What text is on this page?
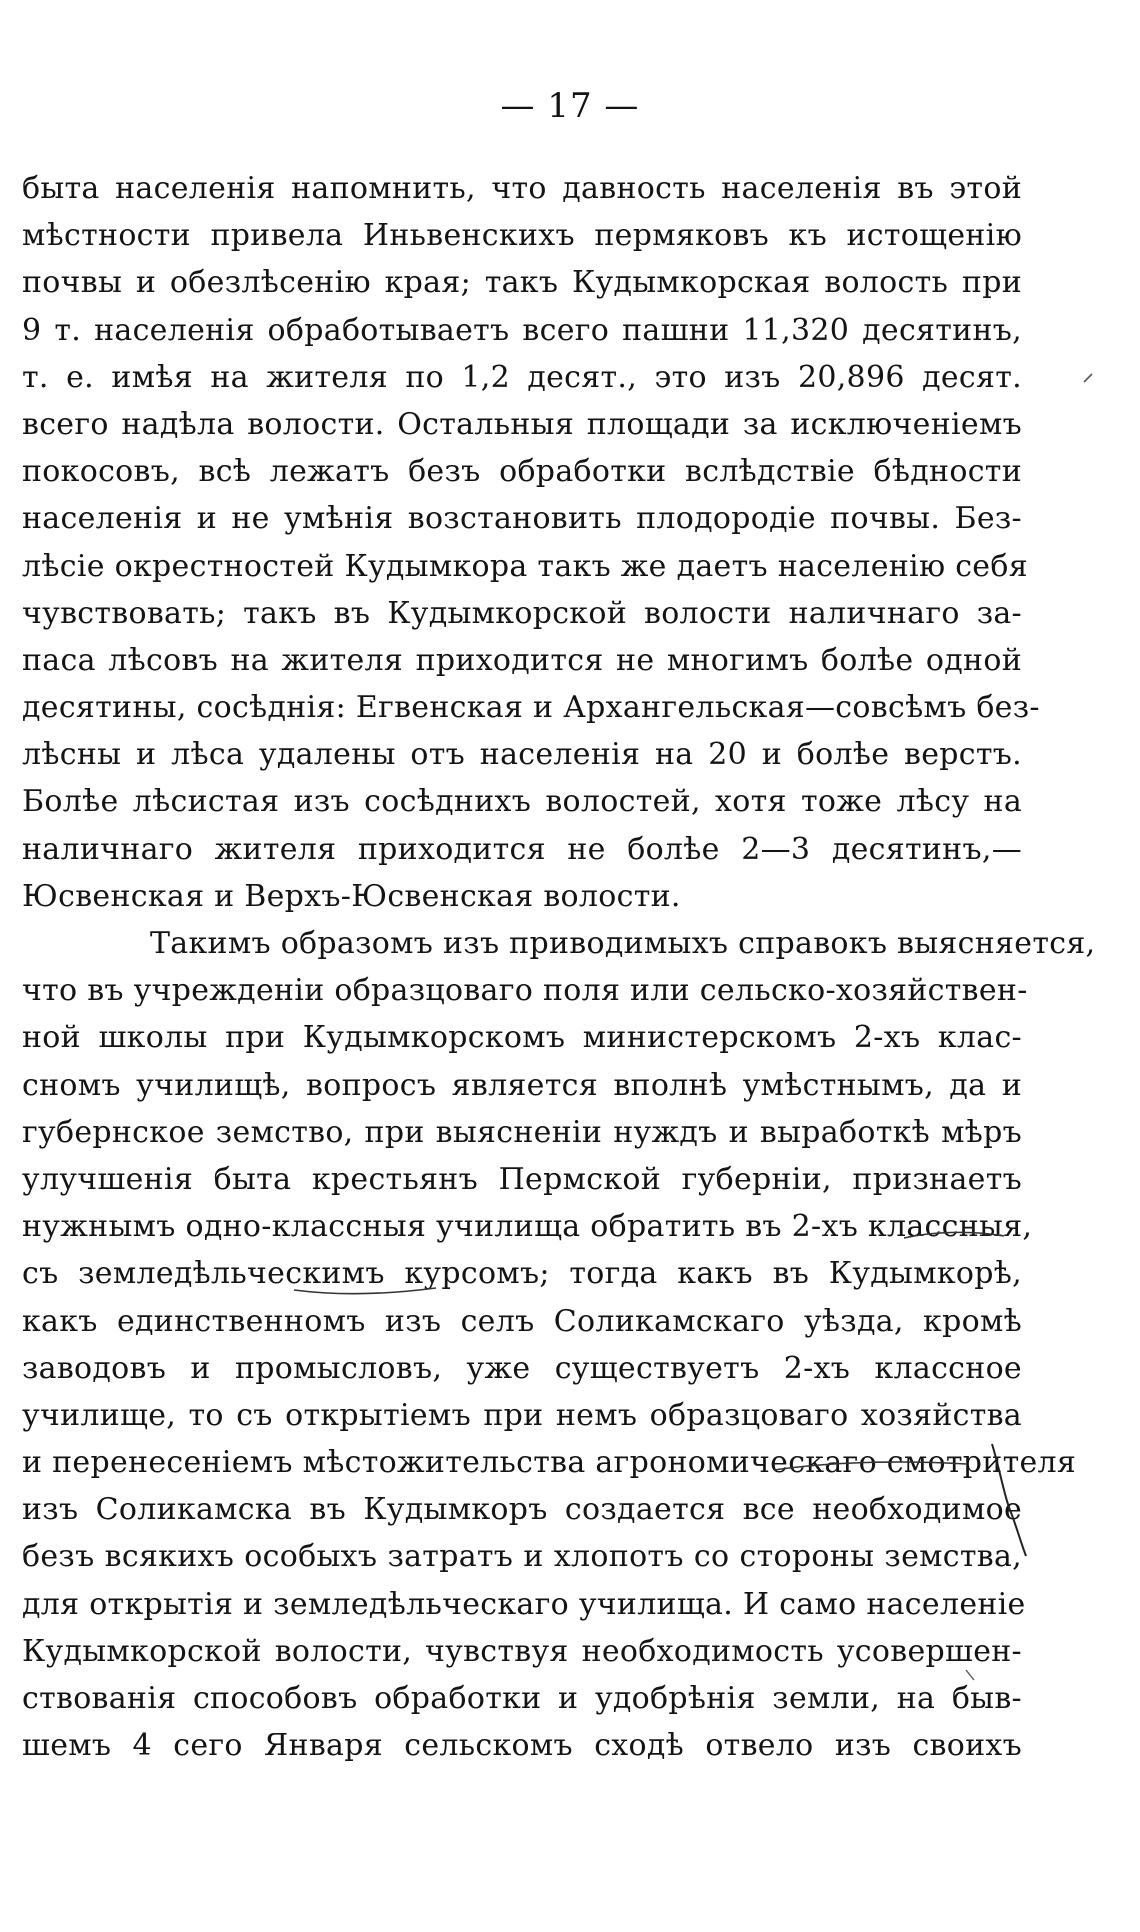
— 17 —
быта населенія напомнить, что давность населенія въ этой
мѣстности привела Иньвенскихъ пермяковъ къ истощенію
почвы и обезлѣсенію края; такъ Кудымкорская волость при
9 т. населенія обработываетъ всего пашни 11,320 десятинъ,
т. е. имѣя на жителя по 1,2 десят., это изъ 20,896 десят.
всего надѣла волости. Остальныя площади за исключеніемъ
покосовъ, всѣ лежатъ безъ обработки вслѣдствіе бѣдности
населенія и не умѣнія возстановить плодородіе почвы. Без-
лѣсіе окрестностей Кудымкора такъ же даетъ населенію себя
чувствовать; такъ въ Кудымкорской волости наличнаго за-
паса лѣсовъ на жителя приходится не многимъ болѣе одной
десятины, сосѣднія: Егвенская и Архангельская—совсѣмъ без-
лѣсны и лѣса удалены отъ населенія на 20 и болѣе верстъ.
Болѣе лѣсистая изъ сосѣднихъ волостей, хотя тоже лѣсу на
наличнаго жителя приходится не болѣе 2—3 десятинъ,—
Юсвенская и Верхъ-Юсвенская волости.
Такимъ образомъ изъ приводимыхъ справокъ выясняется,
что въ учрежденіи образцоваго поля или сельско-хозяйствен-
ной школы при Кудымкорскомъ министерскомъ 2-хъ клас-
сномъ училищѣ, вопросъ является вполнѣ умѣстнымъ, да и
губернское земство, при выясненіи нуждъ и выработкѣ мѣръ
улучшенія быта крестьянъ Пермской губерніи, признаетъ
нужнымъ одно-классныя училища обратить въ 2-хъ классныя,
съ земледѣльческимъ курсомъ; тогда какъ въ Кудымкорѣ,
какъ единственномъ изъ селъ Соликамскаго уѣзда, кромѣ
заводовъ и промысловъ, уже существуетъ 2-хъ классное
училище, то съ открытіемъ при немъ образцоваго хозяйства
и перенесеніемъ мѣстожительства агрономическаго смотрителя
изъ Соликамска въ Кудымкоръ создается все необходимое
безъ всякихъ особыхъ затратъ и хлопотъ со стороны земства,
для открытія и земледѣльческаго училища. И само населеніе
Кудымкорской волости, чувствуя необходимость усовершен-
ствованія способовъ обработки и удобрѣнія земли, на быв-
шемъ 4 сего Января сельскомъ сходѣ отвело изъ своихъ
